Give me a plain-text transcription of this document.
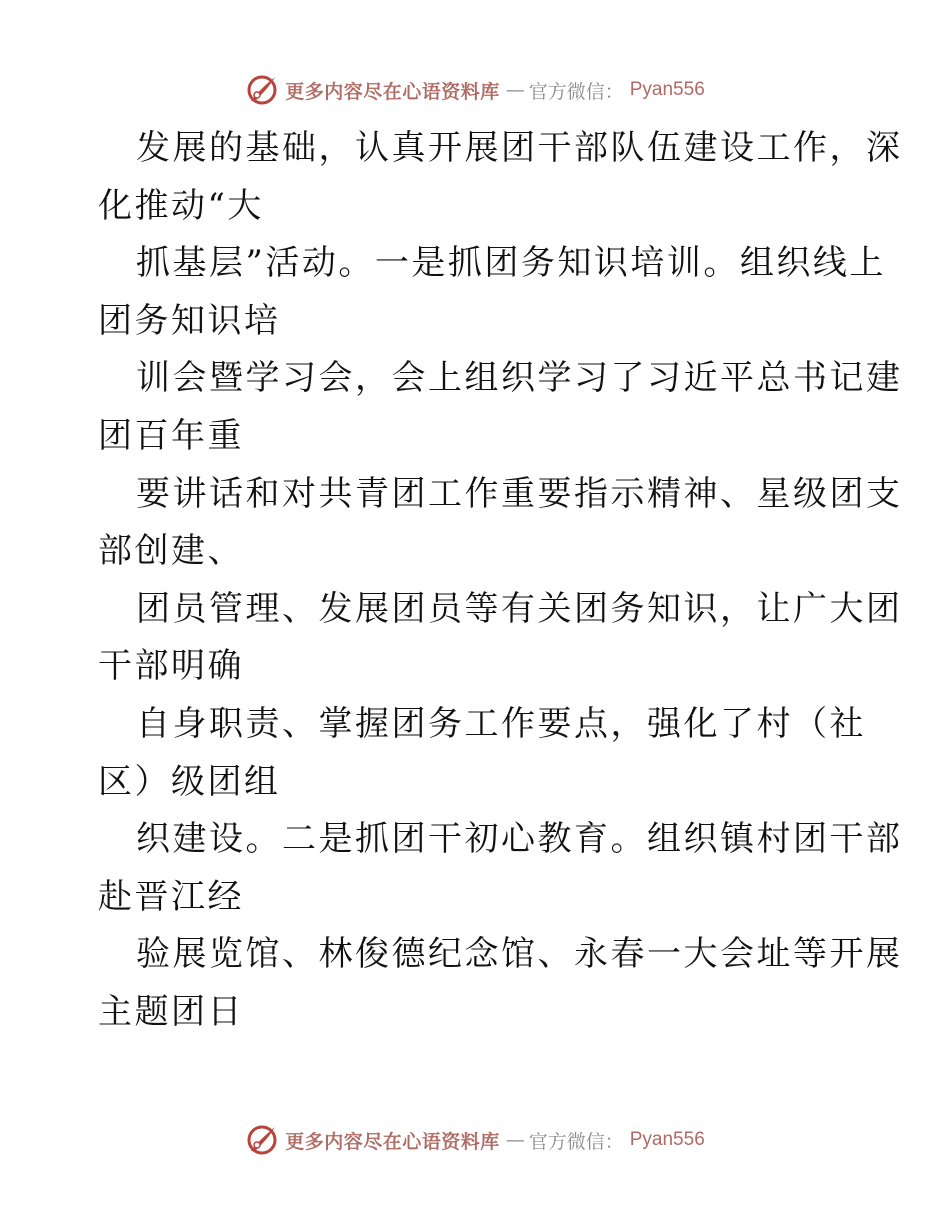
更多内容尽在心语资料库 — 官方微信： Pyan556
发展的基础，认真开展团干部队伍建设工作，深
化推动“大
抓基层”活动。一是抓团务知识培训。组织线上
团务知识培
训会暨学习会，会上组织学习了习近平总书记建
团百年重
要讲话和对共青团工作重要指示精神、星级团支
部创建、
团员管理、发展团员等有关团务知识，让广大团
干部明确
自身职责、掌握团务工作要点，强化了村（社
区）级团组
织建设。二是抓团干初心教育。组织镇村团干部
赴晋江经
验展览馆、林俊德纪念馆、永春一大会址等开展
主题团日
更多内容尽在心语资料库 — 官方微信： Pyan556
